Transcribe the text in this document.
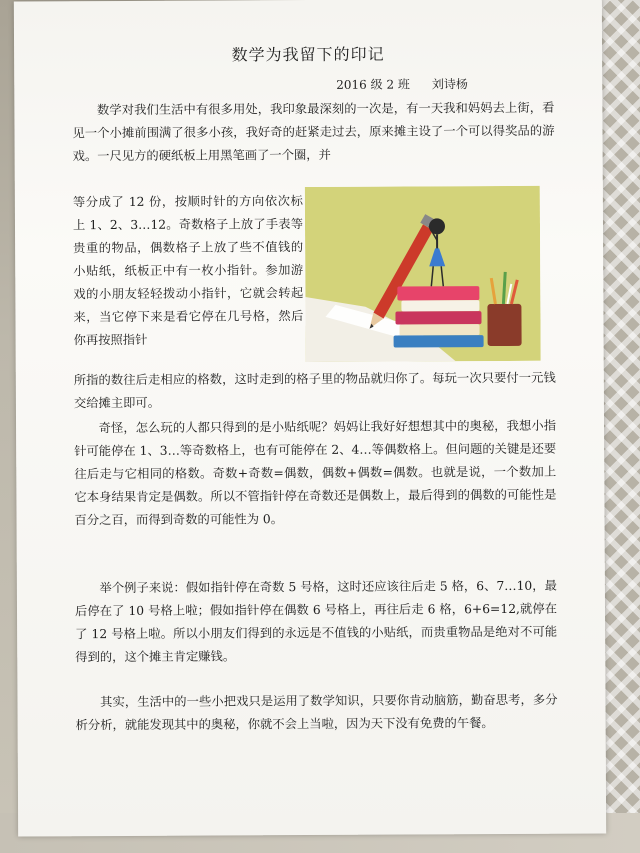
数学为我留下的印记
2016 级 2 班 刘诗杨

数学对我们生活中有很多用处，我印象最深刻的一次是，有一天我和妈妈去上街，看见一个小摊前围满了很多小孩，我好奇的赶紧走过去，原来摊主设了一个可以得奖品的游戏。一尺见方的硬纸板上用黑笔画了一个圈，并

等分成了 12 份，按顺时针的方向依次标上 1、2、3…12。奇数格子上放了手表等贵重的物品，偶数格子上放了些不值钱的小贴纸，纸板正中有一枚小指针。参加游戏的小朋友轻轻拨动小指针，它就会转起来，当它停下来是看它停在几号格，然后你再按照指针

所指的数往后走相应的格数，这时走到的格子里的物品就归你了。每玩一次只要付一元钱交给摊主即可。

奇怪，怎么玩的人都只得到的是小贴纸呢？妈妈让我好好想想其中的奥秘，我想小指针可能停在 1、3…等奇数格上，也有可能停在 2、4…等偶数格上。但问题的关键是还要往后走与它相同的格数。奇数+奇数=偶数，偶数+偶数=偶数。也就是说，一个数加上它本身结果肯定是偶数。所以不管指针停在奇数还是偶数上，最后得到的偶数的可能性是百分之百，而得到奇数的可能性为 0。

举个例子来说：假如指针停在奇数 5 号格，这时还应该往后走 5 格，6、7…10，最后停在了 10 号格上啦；假如指针停在偶数 6 号格上，再往后走 6 格，6+6=12,就停在了 12 号格上啦。所以小朋友们得到的永远是不值钱的小贴纸，而贵重物品是绝对不可能得到的，这个摊主肯定赚钱。

其实，生活中的一些小把戏只是运用了数学知识，只要你肯动脑筋，勤奋思考，多分析分析，就能发现其中的奥秘，你就不会上当啦，因为天下没有免费的午餐。
